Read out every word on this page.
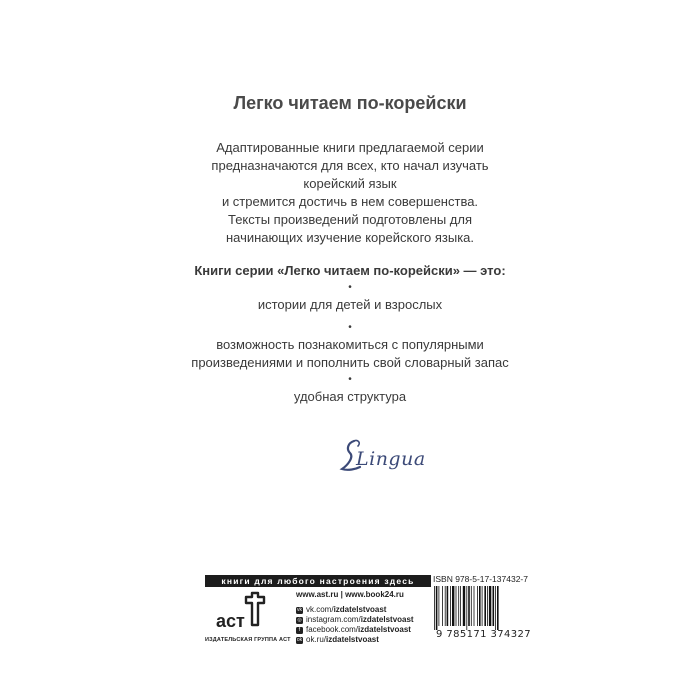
Легко читаем по-корейски
Адаптированные книги предлагаемой серии
предназначаются для всех, кто начал изучать
корейский язык
и стремится достичь в нем совершенства.
Тексты произведений подготовлены для
начинающих изучение корейского языка.
Книги серии «Легко читаем по-корейски» — это:
•
истории для детей и взрослых
•
возможность познакомиться с популярными
произведениями и пополнить свой словарный запас
•
удобная структура
Lingua
книги для любого настроения здесь
аст
ИЗДАТЕЛЬСКАЯ ГРУППА АСТ
www.ast.ru | www.book24.ru
vk vk.com/ izdatelstvoast
◎ instagram.com/ izdatelstvoast
f facebook.com/ izdatelstvoast
ok ok.ru/ izdatelstvoast
ISBN 978-5-17-137432-7
9 785171 374327
